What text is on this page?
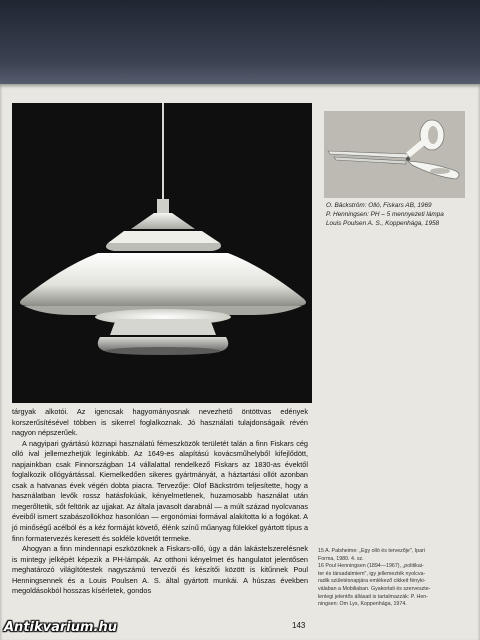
O. Bäckström: Olló, Fiskars AB, 1969
P. Henningsen: PH – 5 mennyezeti lámpa
Louis Poulsen A. S., Koppenhága, 1958

tárgyak alkotói. Az igencsak hagyományosnak nevezhető öntöttvas edények korszerűsítésével többen is sikerrel foglalkoznak. Jó használati tulajdonságaik révén nagyon népszerűek.

A nagyipari gyártású köznapi használatú fémeszközök területét talán a finn Fiskars cég olló ival jellemezhetjük leginkább. Az 1649-es alapítású kovácsműhelyből kifejlődött, napjainkban csak Finnországban 14 vállalattal rendelkező Fiskars az 1830-as évektől foglalkozik ollógyártással. Kiemelkedően sikeres gyártmányát, a háztartási ollót azonban csak a hatvanas évek végén dobta piacra. Tervezője: Olof Bäckström teljesítette, hogy a használatban levők rossz hatásfokúak, kényelmetlenek, huzamosabb használat után megerőltetik, sőt feltörik az ujjakat. Az általa javasolt darabnál — a múlt század nyolcvanas éveiből ismert szabászollókhoz hasonlóan — ergonómiai formával alakította ki a fogókat. A jó minőségű acélból és a kéz formáját követő, élénk színű műanyag fülekkel gyártott típus a finn formatervezés keresett és sokféle követőt termeke.

Ahogyan a finn mindennapi eszközöknek a Fiskars-olló, úgy a dán lakástelszerelésnek is mintegy jelképét képezik a PH-lámpák. Az otthoni kényelmet és hangulatot jelentősen meghatározó világítótestek nagyszámú tervezői és készítői között is kitűnnek Poul Henningsennek és a Louis Poulsen A. S. által gyártott munkái. A húszas években megoldásokból hosszas kísérletek, gondos

15 A. Palsheime: „Egy olló és tervezője", Ipari
Forma, 1980. 4. sz.
16 Poul Henningsen (1894—1967), „politikai-
ter és társadalmiem", igy jellemezték nyolcva-
radik születésnapjára emlékező cikkeit fényki-
válaban a Mobiliaban. Gyakorlati és szerveszte-
lenlegi jelentős állásait is tartalmazzák: P. Hen-
ningsen: Om Lys, Koppenhága, 1974.
143
Antikvarium.hu
